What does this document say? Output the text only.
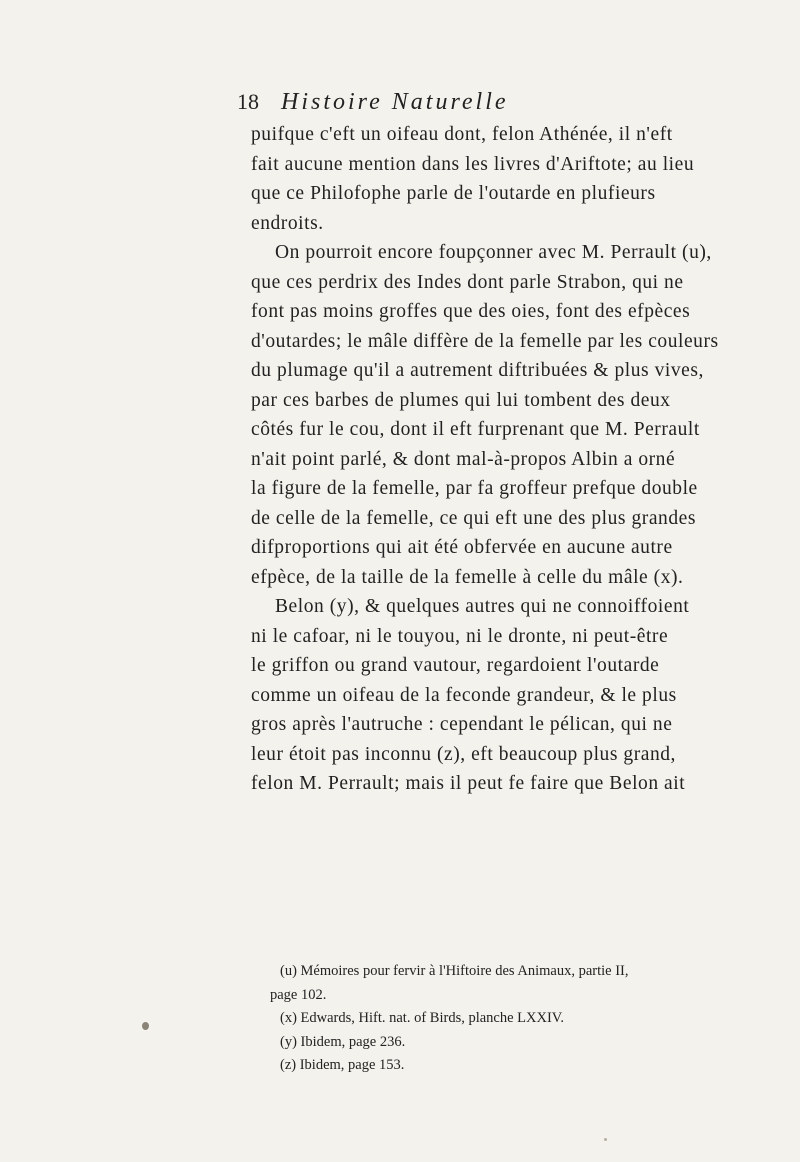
18 Histoire Naturelle
puifque c'eft un oifeau dont, felon Athénée, il n'eft
fait aucune mention dans les livres d'Ariftote; au lieu
que ce Philofophe parle de l'outarde en plufieurs
endroits.
On pourroit encore foupçonner avec M. Perrault (u),
que ces perdrix des Indes dont parle Strabon, qui ne
font pas moins groffes que des oies, font des efpèces
d'outardes; le mâle diffère de la femelle par les couleurs
du plumage qu'il a autrement diftribuées & plus vives,
par ces barbes de plumes qui lui tombent des deux
côtés fur le cou, dont il eft furprenant que M. Perrault
n'ait point parlé, & dont mal-à-propos Albin a orné
la figure de la femelle, par fa groffeur prefque double
de celle de la femelle, ce qui eft une des plus grandes
difproportions qui ait été obfervée en aucune autre
efpèce, de la taille de la femelle à celle du mâle (x).
Belon (y), & quelques autres qui ne connoiffoient
ni le cafoar, ni le touyou, ni le dronte, ni peut-être
le griffon ou grand vautour, regardoient l'outarde
comme un oifeau de la feconde grandeur, & le plus
gros après l'autruche : cependant le pélican, qui ne
leur étoit pas inconnu (z), eft beaucoup plus grand,
felon M. Perrault; mais il peut fe faire que Belon ait
(u) Mémoires pour fervir à l'Hiftoire des Animaux, partie II,
page 102.
(x) Edwards, Hift. nat. of Birds, planche LXXIV.
(y) Ibidem, page 236.
(z) Ibidem, page 153.
